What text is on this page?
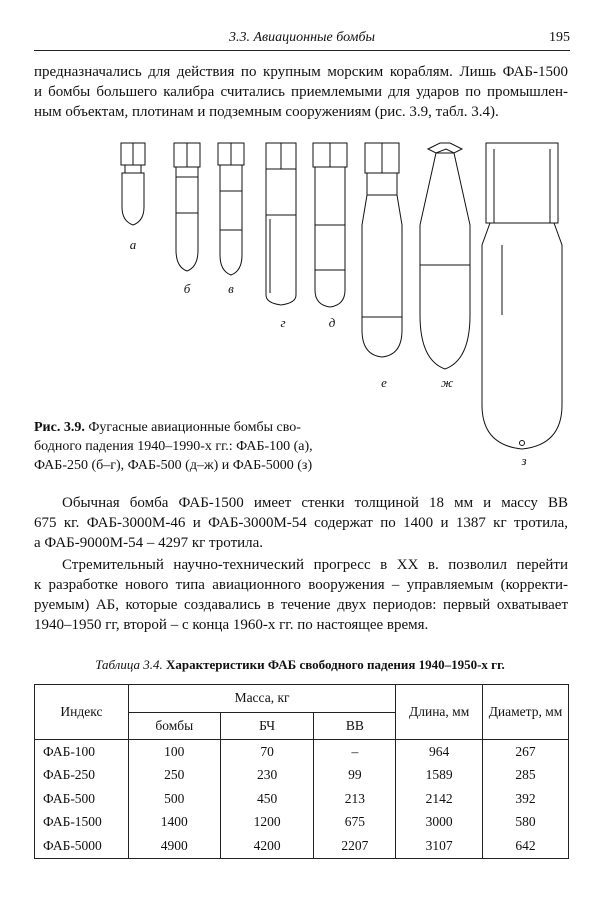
3.3. Авиационные бомбы	195

предназначались для действия по крупным морским кораблям. Лишь ФАБ-1500
и бомбы большего калибра считались приемлемыми для ударов по промышлен-
ным объектам, плотинам и подземным сооружениям (рис. 3.9, табл. 3.4).

а
б	в
г	д
е	ж
з

Рис. 3.9. Фугасные авиационные бомбы сво-
бодного падения 1940–1990-х гг.: ФАБ-100 (а),
ФАБ-250 (б–г), ФАБ-500 (д–ж) и ФАБ-5000 (з)

Обычная бомба ФАБ-1500 имеет стенки толщиной 18 мм и массу ВВ
675 кг. ФАБ-3000М-46 и ФАБ-3000М-54 содержат по 1400 и 1387 кг тротила,
а ФАБ-9000М-54 – 4297 кг тротила.

Стремительный научно-технический прогресс в XX в. позволил перейти
к разработке нового типа авиационного вооружения – управляемым (корректи-
руемым) АБ, которые создавались в течение двух периодов: первый охватывает
1940–1950 гг, второй – с конца 1960-х гг. по настоящее время.

Таблица 3.4. Характеристики ФАБ свободного падения 1940–1950-х гг.
Индекс	Масса, кг			Длина, мм	Диаметр, мм
	бомбы	БЧ	ВВ		
ФАБ-100	100	70	–	964	267
ФАБ-250	250	230	99	1589	285
ФАБ-500	500	450	213	2142	392
ФАБ-1500	1400	1200	675	3000	580
ФАБ-5000	4900	4200	2207	3107	642
